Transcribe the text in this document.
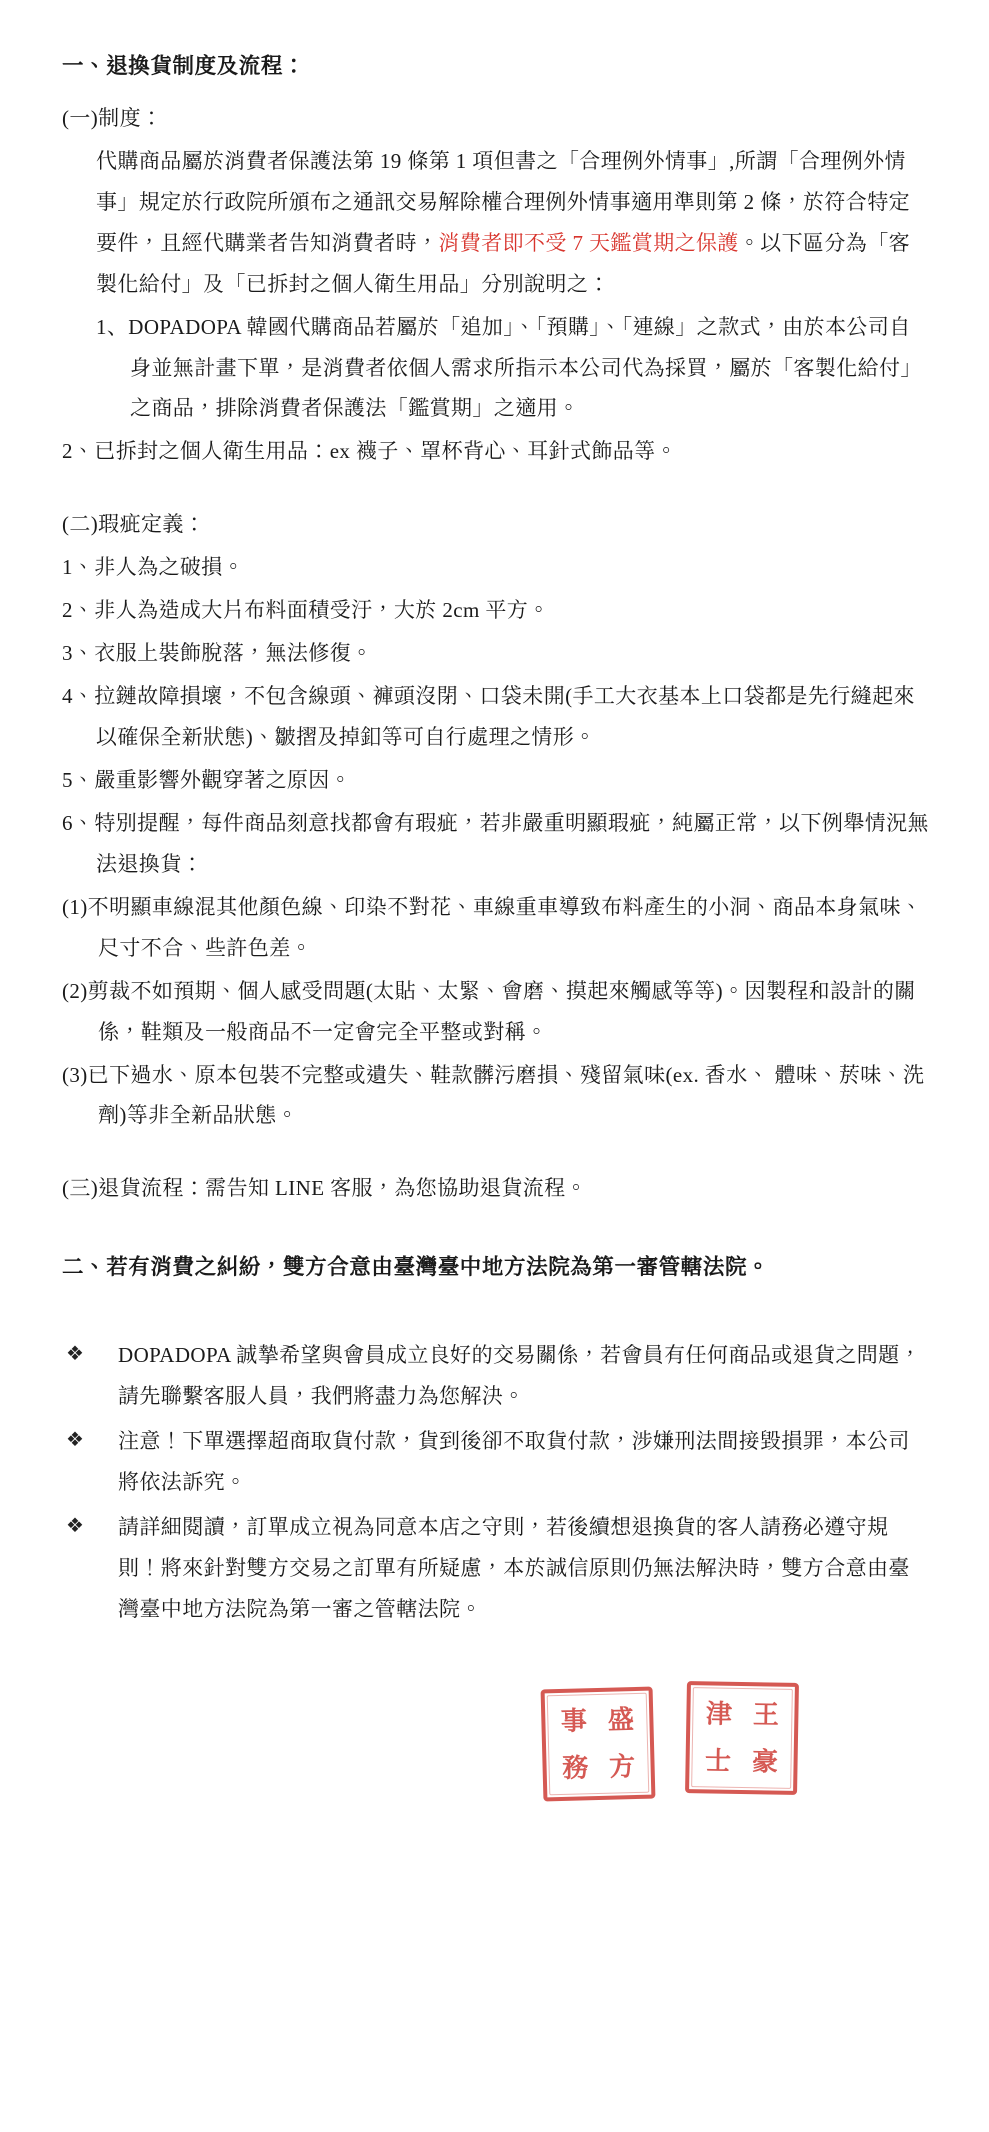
一、退換貨制度及流程：
(一)制度：
代購商品屬於消費者保護法第 19 條第 1 項但書之「合理例外情事」,所謂「合理例外情事」規定於行政院所頒布之通訊交易解除權合理例外情事適用準則第 2 條，於符合特定要件，且經代購業者告知消費者時，消費者即不受 7 天鑑賞期之保護。以下區分為「客製化給付」及「已拆封之個人衛生用品」分別說明之：
1、DOPADOPA 韓國代購商品若屬於「追加」、「預購」、「連線」之款式，由於本公司自身並無計畫下單，是消費者依個人需求所指示本公司代為採買，屬於「客製化給付」之商品，排除消費者保護法「鑑賞期」之適用。
2、已拆封之個人衛生用品：ex 襪子、罩杯背心、耳針式飾品等。
(二)瑕疵定義：
1、非人為之破損。
2、非人為造成大片布料面積受汙，大於 2cm 平方。
3、衣服上裝飾脫落，無法修復。
4、拉鏈故障損壞，不包含線頭、褲頭沒閉、口袋未開(手工大衣基本上口袋都是先行縫起來以確保全新狀態)、皺摺及掉釦等可自行處理之情形。
5、嚴重影響外觀穿著之原因。
6、特別提醒，每件商品刻意找都會有瑕疵，若非嚴重明顯瑕疵，純屬正常，以下例舉情況無法退換貨：
(1)不明顯車線混其他顏色線、印染不對花、車線重車導致布料產生的小洞、商品本身氣味、尺寸不合、些許色差。
(2)剪裁不如預期、個人感受問題(太貼、太緊、會磨、摸起來觸感等等)。因製程和設計的關係，鞋類及一般商品不一定會完全平整或對稱。
(3)已下過水、原本包裝不完整或遺失、鞋款髒污磨損、殘留氣味(ex. 香水、 體味、菸味、洗劑)等非全新品狀態。
(三)退貨流程：需告知 LINE 客服，為您協助退貨流程。
二、若有消費之糾紛，雙方合意由臺灣臺中地方法院為第一審管轄法院。
❖	DOPADOPA 誠摯希望與會員成立良好的交易關係，若會員有任何商品或退貨之問題，請先聯繫客服人員，我們將盡力為您解決。
❖	注意！下單選擇超商取貨付款，貨到後卻不取貨付款，涉嫌刑法間接毀損罪，本公司將依法訴究。
❖	請詳細閱讀，訂單成立視為同意本店之守則，若後續想退換貨的客人請務必遵守規則！將來針對雙方交易之訂單有所疑慮，本於誠信原則仍無法解決時，雙方合意由臺灣臺中地方法院為第一審之管轄法院。
事 盛
務 方
津 王
士 豪
